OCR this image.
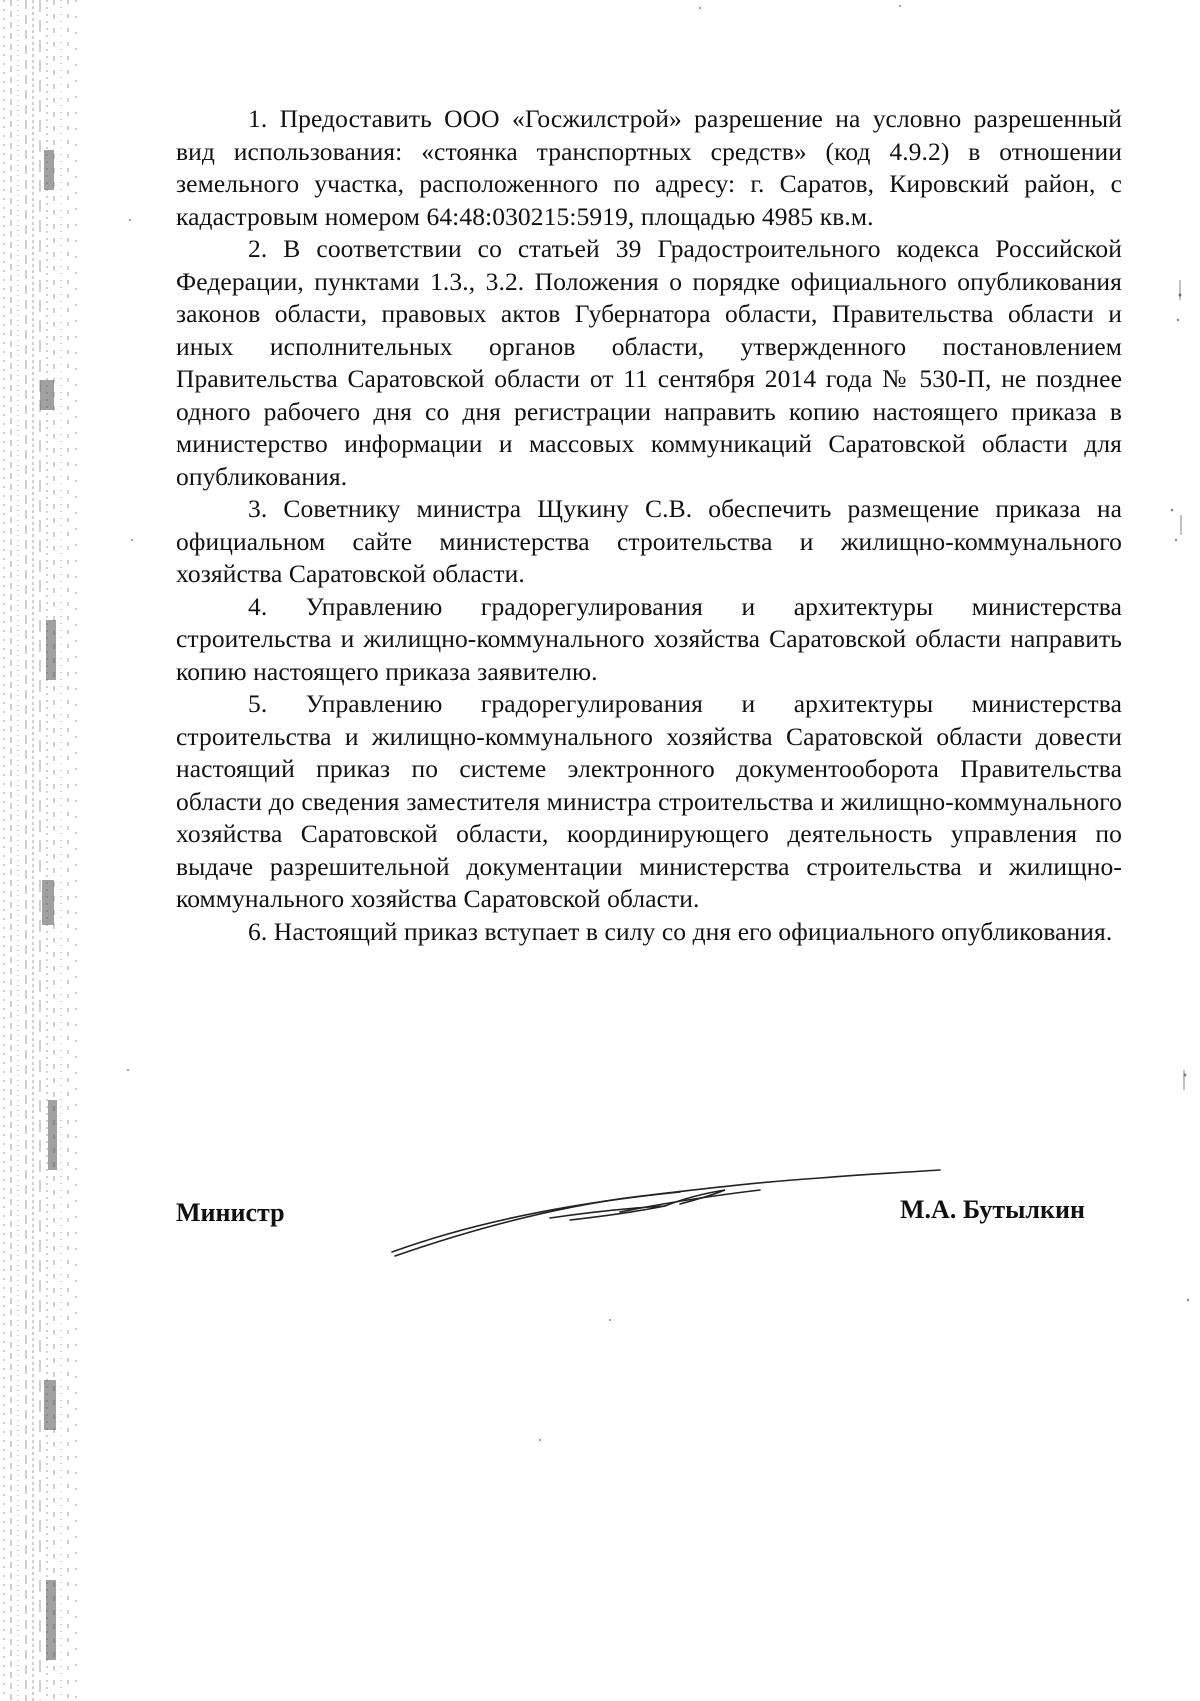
1. Предоставить ООО «Госжилстрой» разрешение на условно разрешенный вид использования: «стоянка транспортных средств» (код 4.9.2) в отношении земельного участка, расположенного по адресу: г. Саратов, Кировский район, с кадастровым номером 64:48:030215:5919, площадью 4985 кв.м.

2. В соответствии со статьей 39 Градостроительного кодекса Российской Федерации, пунктами 1.3., 3.2. Положения о порядке официального опубликования законов области, правовых актов Губернатора области, Правительства области и иных исполнительных органов области, утвержденного постановлением Правительства Саратовской области от 11 сентября 2014 года № 530-П, не позднее одного рабочего дня со дня регистрации направить копию настоящего приказа в министерство информации и массовых коммуникаций Саратовской области для опубликования.

3. Советнику министра Щукину С.В. обеспечить размещение приказа на официальном сайте министерства строительства и жилищно-коммунального хозяйства Саратовской области.

4. Управлению градорегулирования и архитектуры министерства строительства и жилищно-коммунального хозяйства Саратовской области направить копию настоящего приказа заявителю.

5. Управлению градорегулирования и архитектуры министерства строительства и жилищно-коммунального хозяйства Саратовской области довести настоящий приказ по системе электронного документооборота Правительства области до сведения заместителя министра строительства и жилищно-коммунального хозяйства Саратовской области, координирующего деятельность управления по выдаче разрешительной документации министерства строительства и жилищно-коммунального хозяйства Саратовской области.

6. Настоящий приказ вступает в силу со дня его официального опубликования.

Министр	М.А. Бутылкин
